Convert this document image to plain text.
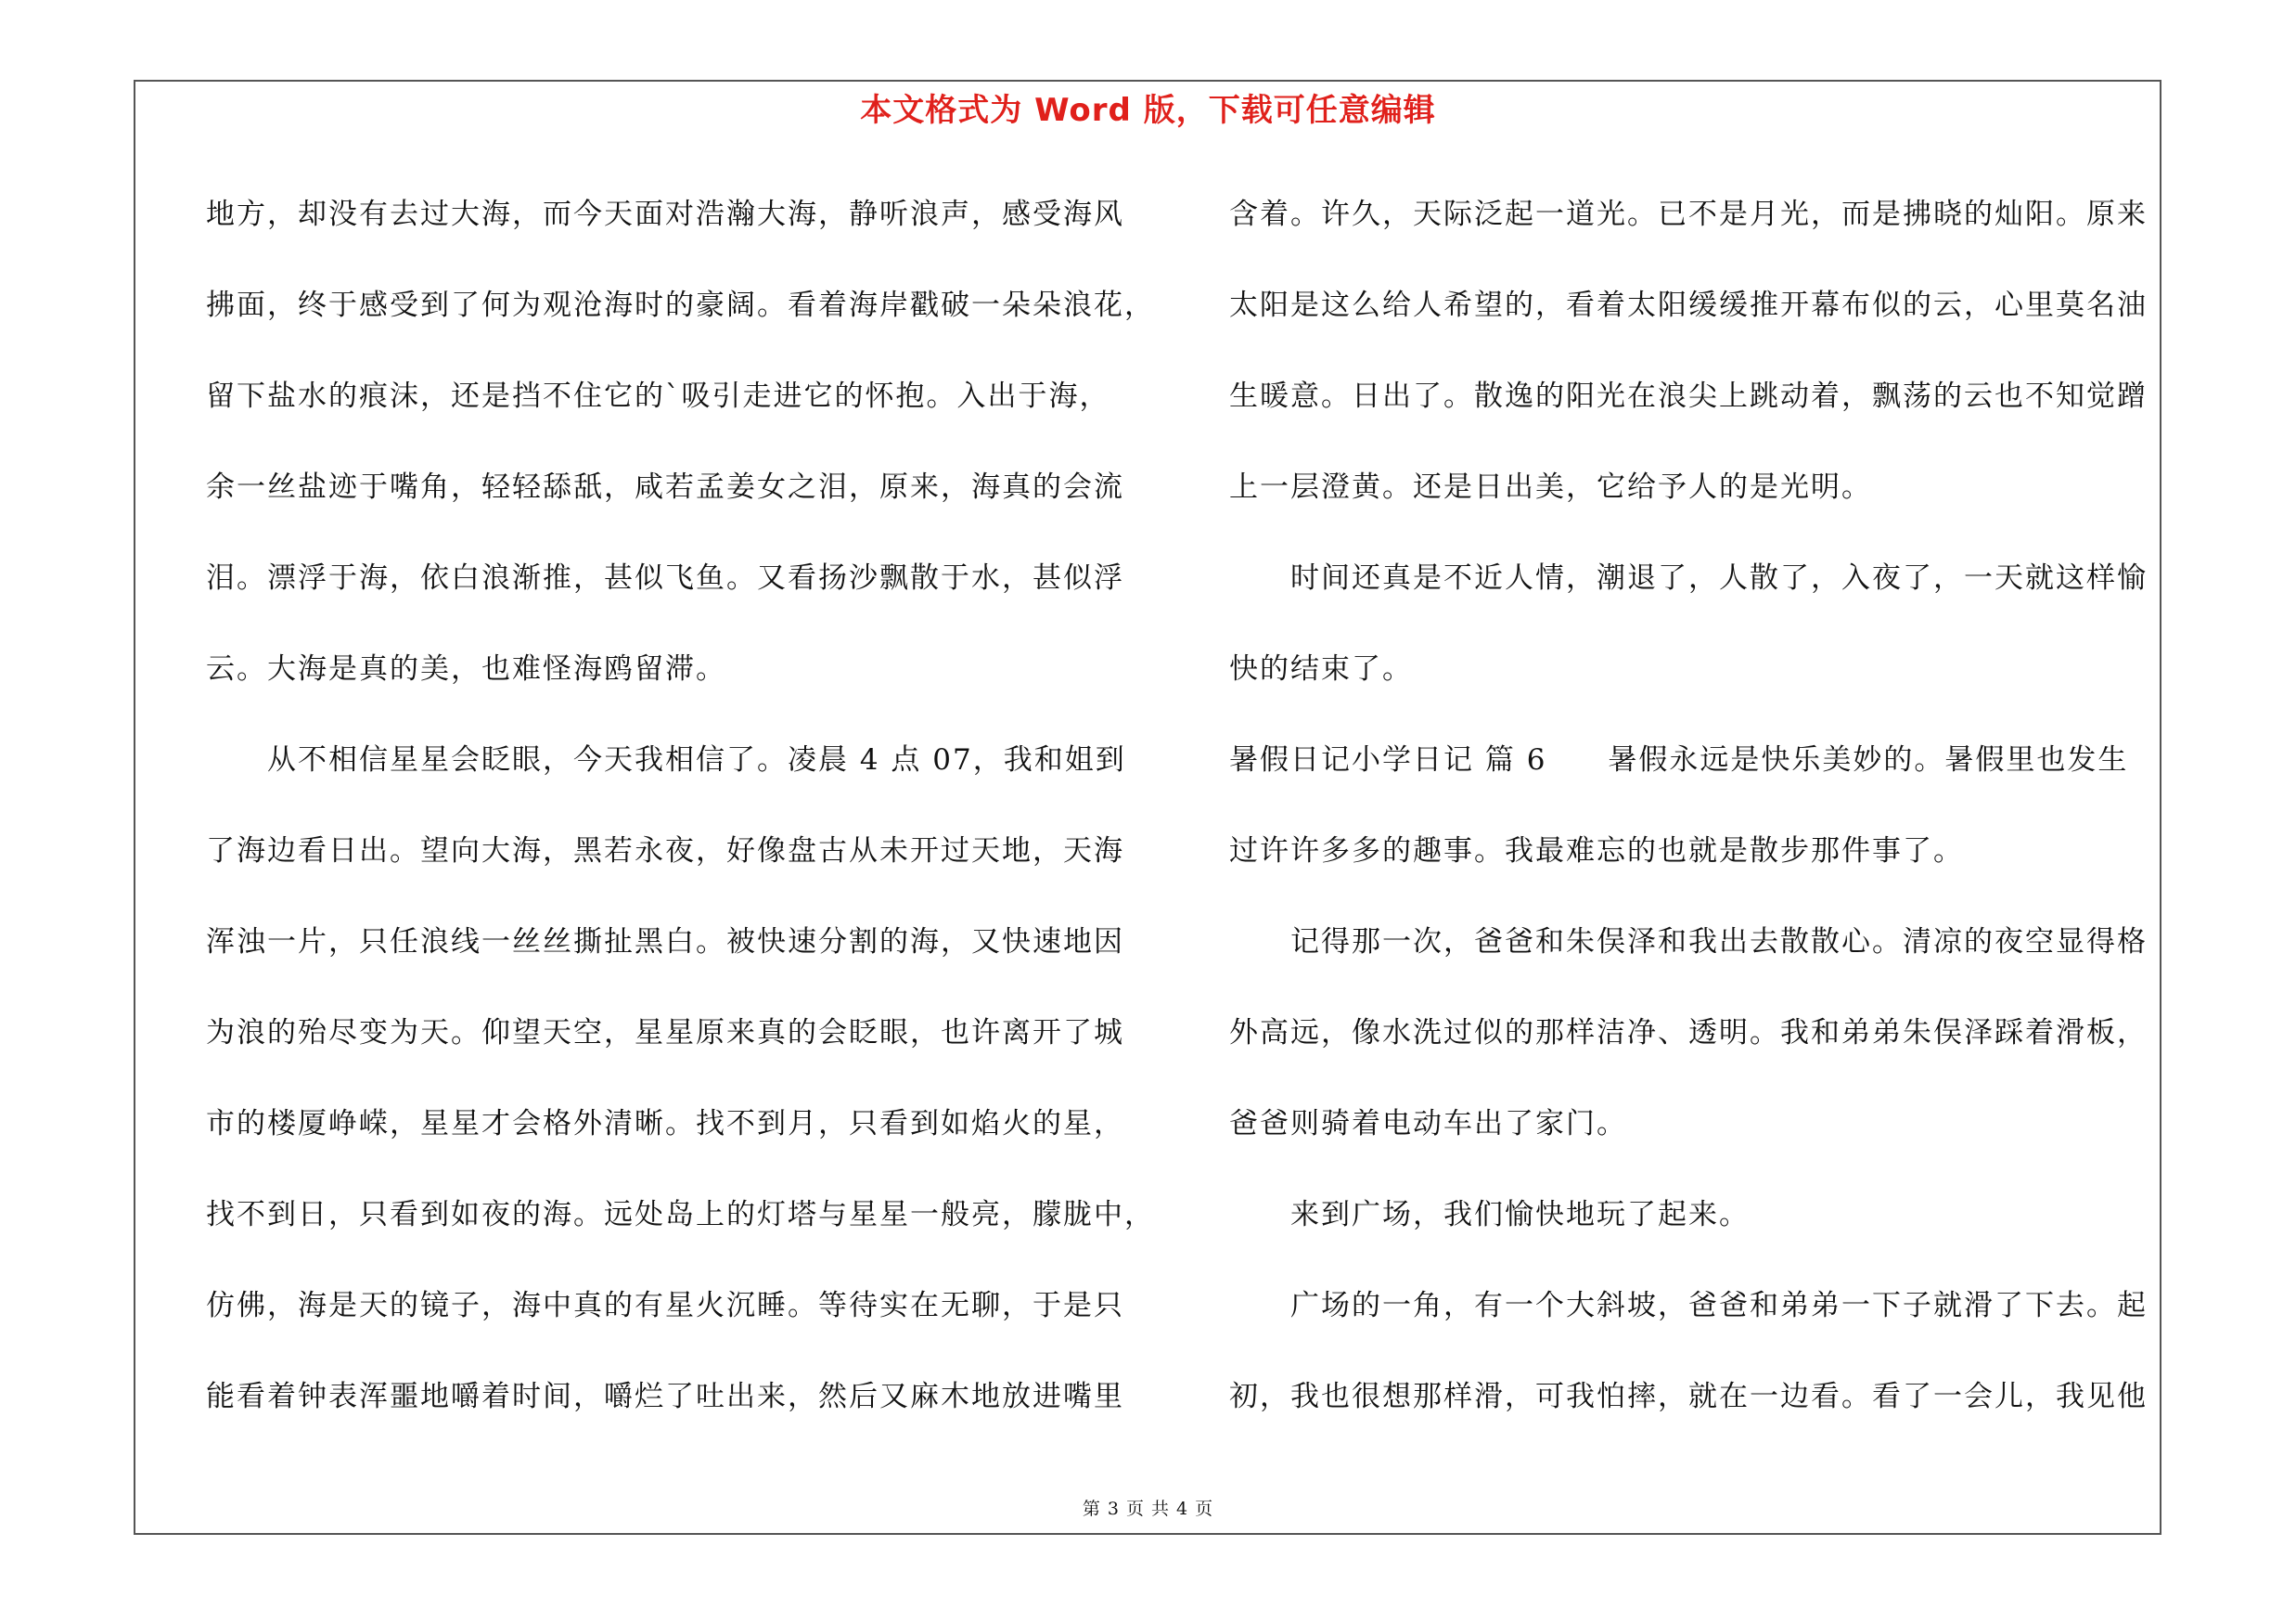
本文格式为 Word 版，下载可任意编辑
地方，却没有去过大海，而今天面对浩瀚大海，静听浪声，感受海风
拂面，终于感受到了何为观沧海时的豪阔。看着海岸戳破一朵朵浪花，
留下盐水的痕沫，还是挡不住它的`吸引走进它的怀抱。入出于海，
余一丝盐迹于嘴角，轻轻舔舐，咸若孟姜女之泪，原来，海真的会流
泪。漂浮于海，依白浪渐推，甚似飞鱼。又看扬沙飘散于水，甚似浮
云。大海是真的美，也难怪海鸥留滞。
　　从不相信星星会眨眼，今天我相信了。凌晨 4 点 07，我和姐到
了海边看日出。望向大海，黑若永夜，好像盘古从未开过天地，天海
浑浊一片，只任浪线一丝丝撕扯黑白。被快速分割的海，又快速地因
为浪的殆尽变为天。仰望天空，星星原来真的会眨眼，也许离开了城
市的楼厦峥嵘，星星才会格外清晰。找不到月，只看到如焰火的星，
找不到日，只看到如夜的海。远处岛上的灯塔与星星一般亮，朦胧中，
仿佛，海是天的镜子，海中真的有星火沉睡。等待实在无聊，于是只
能看着钟表浑噩地嚼着时间，嚼烂了吐出来，然后又麻木地放进嘴里
含着。许久，天际泛起一道光。已不是月光，而是拂晓的灿阳。原来
太阳是这么给人希望的，看着太阳缓缓推开幕布似的云，心里莫名油
生暖意。日出了。散逸的阳光在浪尖上跳动着，飘荡的云也不知觉蹭
上一层澄黄。还是日出美，它给予人的是光明。
　　时间还真是不近人情，潮退了，人散了，入夜了，一天就这样愉
快的结束了。
暑假日记小学日记 篇 6　　暑假永远是快乐美妙的。暑假里也发生
过许许多多的趣事。我最难忘的也就是散步那件事了。
　　记得那一次，爸爸和朱俣泽和我出去散散心。清凉的夜空显得格
外高远，像水洗过似的那样洁净、透明。我和弟弟朱俣泽踩着滑板，
爸爸则骑着电动车出了家门。
　　来到广场，我们愉快地玩了起来。
　　广场的一角，有一个大斜坡，爸爸和弟弟一下子就滑了下去。起
初，我也很想那样滑，可我怕摔，就在一边看。看了一会儿，我见他
第 3 页 共 4 页
